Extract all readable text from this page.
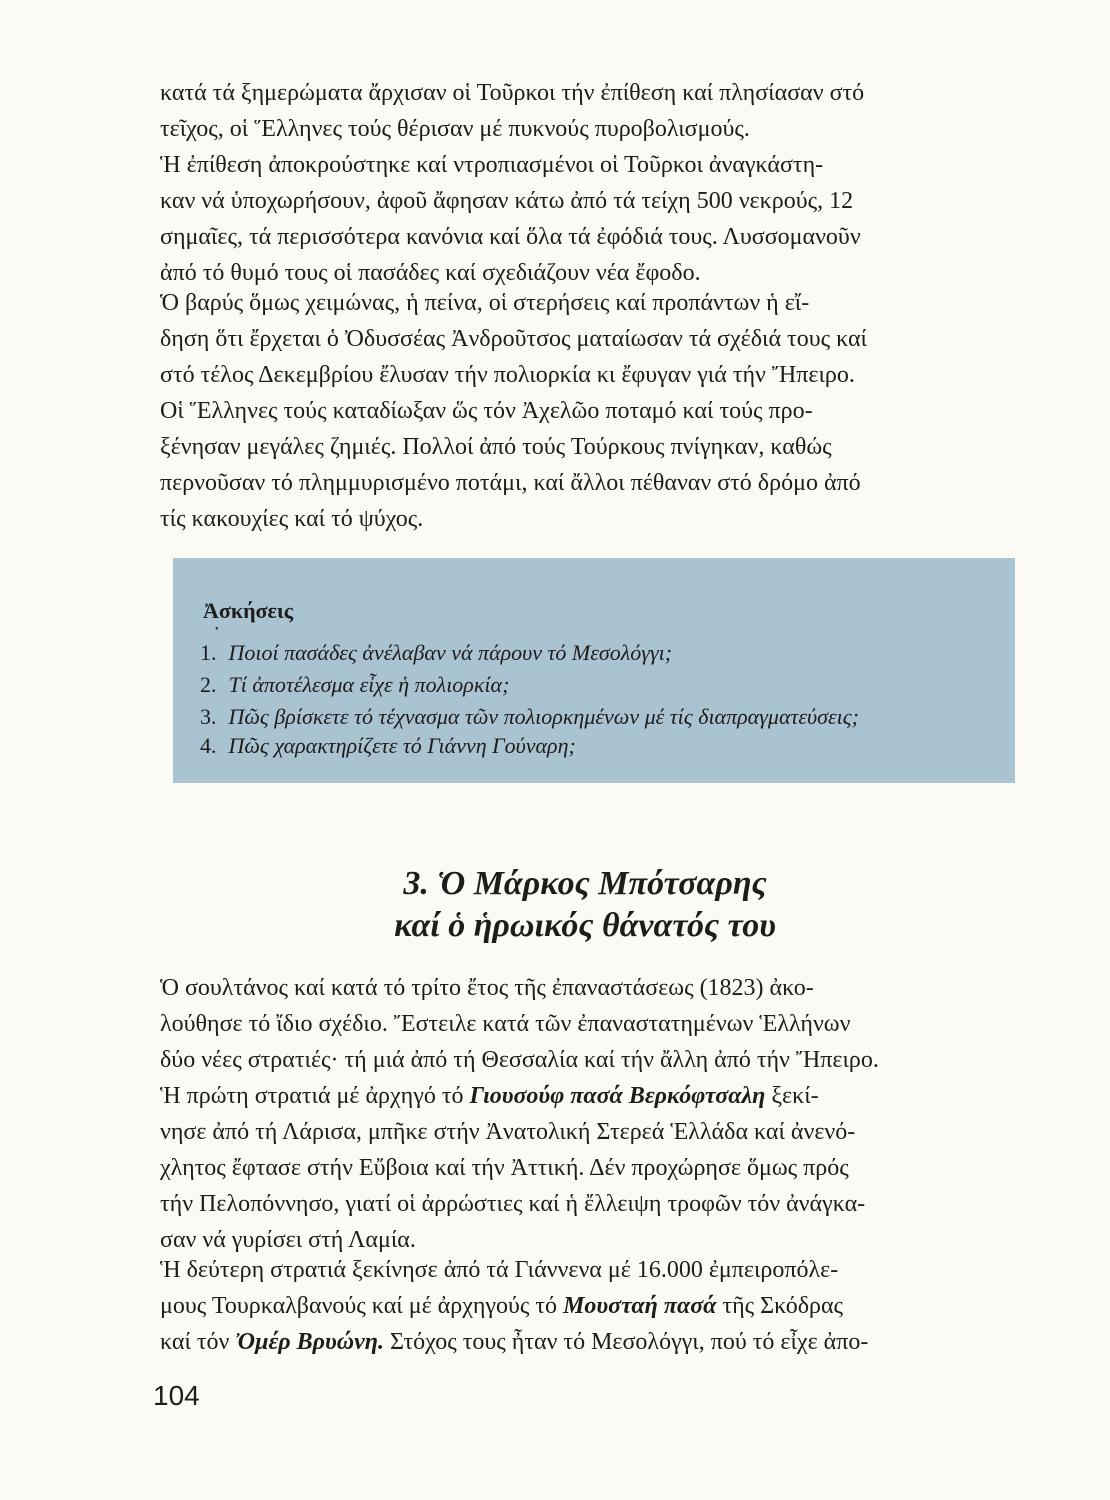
κατά τά ξημερώματα ἄρχισαν οἱ Τοῦρκοι τήν ἐπίθεση καί πλησίασαν στό
τεῖχος, οἱ Ἕλληνες τούς θέρισαν μέ πυκνούς πυροβολισμούς.

Ἡ ἐπίθεση ἀποκρούστηκε καί ντροπιασμένοι οἱ Τοῦρκοι ἀναγκάστη-
καν νά ὑποχωρήσουν, ἀφοῦ ἄφησαν κάτω ἀπό τά τείχη 500 νεκρούς, 12
σημαῖες, τά περισσότερα κανόνια καί ὅλα τά ἐφόδιά τους. Λυσσομανοῦν
ἀπό τό θυμό τους οἱ πασάδες καί σχεδιάζουν νέα ἔφοδο.

Ὁ βαρύς ὅμως χειμώνας, ἡ πείνα, οἱ στερήσεις καί προπάντων ἡ εἴ-
δηση ὅτι ἔρχεται ὁ Ὀδυσσέας Ἀνδροῦτσος ματαίωσαν τά σχέδιά τους καί
στό τέλος Δεκεμβρίου ἔλυσαν τήν πολιορκία κι ἔφυγαν γιά τήν Ἤπειρο.

Οἱ Ἕλληνες τούς καταδίωξαν ὥς τόν Ἀχελῶο ποταμό καί τούς προ-
ξένησαν μεγάλες ζημιές. Πολλοί ἀπό τούς Τούρκους πνίγηκαν, καθώς
περνοῦσαν τό πλημμυρισμένο ποτάμι, καί ἄλλοι πέθαναν στό δρόμο ἀπό
τίς κακουχίες καί τό ψύχος.

Ἀσκήσεις
•
1. Ποιοί πασάδες ἀνέλαβαν νά πάρουν τό Μεσολόγγι;
2. Τί ἀποτέλεσμα εἶχε ἡ πολιορκία;
3. Πῶς βρίσκετε τό τέχνασμα τῶν πολιορκημένων μέ τίς διαπραγματεύσεις;
4. Πῶς χαρακτηρίζετε τό Γιάννη Γούναρη;
3. Ὁ Μάρκος Μπότσαρης
καί ὁ ἡρωικός θάνατός του

Ὁ σουλτάνος καί κατά τό τρίτο ἔτος τῆς ἐπαναστάσεως (1823) ἀκο-
λούθησε τό ἴδιο σχέδιο. Ἔστειλε κατά τῶν ἐπαναστατημένων Ἑλλήνων
δύο νέες στρατιές· τή μιά ἀπό τή Θεσσαλία καί τήν ἄλλη ἀπό τήν Ἤπειρο.

Ἡ πρώτη στρατιά μέ ἀρχηγό τό Γιουσούφ πασά Βερκόφτσαλη ξεκί-
νησε ἀπό τή Λάρισα, μπῆκε στήν Ἀνατολική Στερεά Ἑλλάδα καί ἀνενό-
χλητος ἔφτασε στήν Εὔβοια καί τήν Ἀττική. Δέν προχώρησε ὅμως πρός
τήν Πελοπόννησο, γιατί οἱ ἀρρώστιες καί ἡ ἔλλειψη τροφῶν τόν ἀνάγκα-
σαν νά γυρίσει στή Λαμία.

Ἡ δεύτερη στρατιά ξεκίνησε ἀπό τά Γιάννενα μέ 16.000 ἐμπειροπόλε-
μους Τουρκαλβανούς καί μέ ἀρχηγούς τό Μουσταή πασά τῆς Σκόδρας
καί τόν Ὀμέρ Βρυώνη. Στόχος τους ἦταν τό Μεσολόγγι, πού τό εἶχε ἀπο-

104
